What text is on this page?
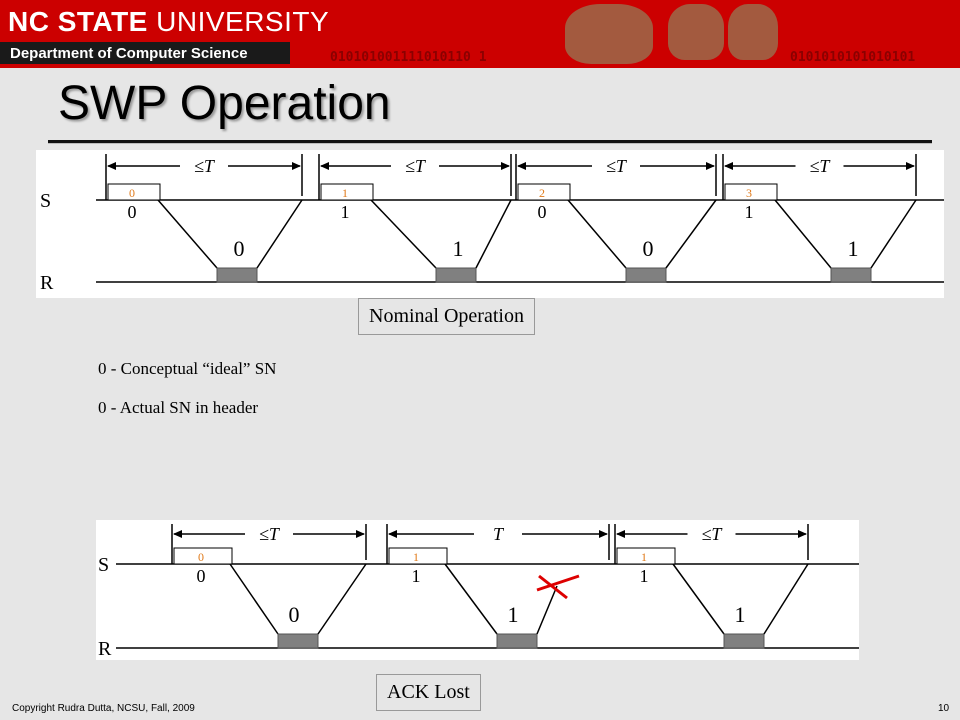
NC STATE UNIVERSITY
Department of Computer Science	010101001111010110 1	0101010101010101
SWP Operation
S
R
≤T
0
0
0
≤T
1
1
1
≤T
2
0
0
≤T
3
1
1
Nominal Operation
0 - Conceptual “ideal” SN
0 - Actual SN in header
S
R
≤T
0
0
0
T
1
1
1
≤T
1
1
1
ACK Lost
Copyright Rudra Dutta, NCSU, Fall, 2009	10
